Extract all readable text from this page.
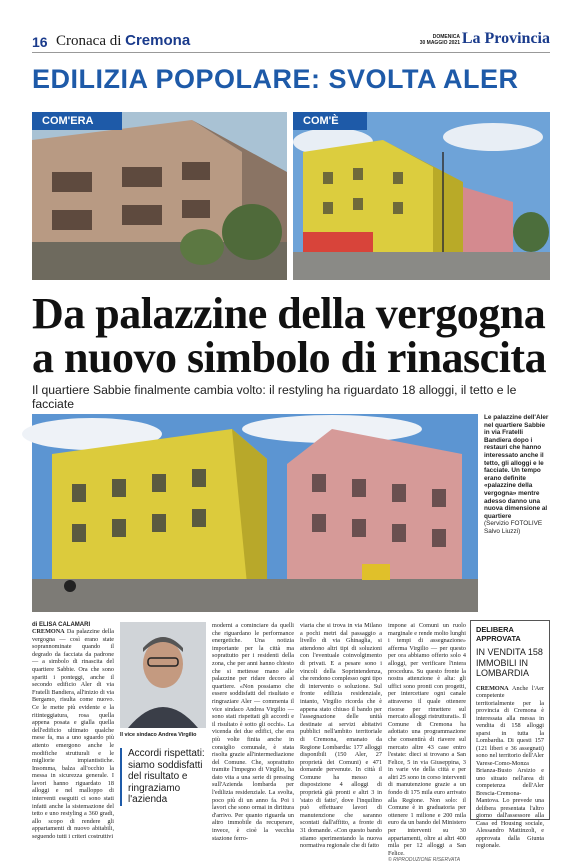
16 Cronaca di Cremona	DOMENICA
30 MAGGIO 2021 La Provincia
EDILIZIA POPOLARE: SVOLTA ALER
COM'ERA	COM'È
Da palazzine della vergogna
a nuovo simbolo di rinascita
Il quartiere Sabbie finalmente cambia volto: il restyling ha riguardato 18 alloggi, il tetto e le facciate
Le palazzine dell'Aler nel quartiere Sabbie in via Fratelli Bandiera dopo i restauri che hanno interessato anche il tetto, gli alloggi e le facciate. Un tempo erano definite «palazzine della vergogna» mentre adesso danno una nuova dimensione al quartiere
(Servizio FOTOLIVE Salvo Liuzzi)
di ELISA CALAMARI
CREMONA Da palazzine della vergogna — così erano state soprannominate quando il degrado da facciata da padrone — a simbolo di rinascita del quartiere Sabbie. Ora che sono spariti i ponteggi, anche il secondo edificio Aler di via Fratelli Bandiera, all'inizio di via Bergamo, risulta come nuovo. Ce le mette più evidente e la ritinteggiatura, rosa quella appena posata e gialla quella dell'edificio ultimato qualche mese fa, ma a uno sguardo più attento emergono anche le modifiche strutturali e le migliorie impiantistiche. Insomma, balza all'occhio la messa in sicurezza generale. I lavori hanno riguardato 18 alloggi e nel malloppo di interventi eseguiti ci sono stati infatti anche la sistemazione del tetto e uno restyling a 360 gradi, allo scopo di rendere gli appartamenti di nuovo abitabili, seguendo tutti i criteri costruttivi
Il vice sindaco Andrea Virgilio
Accordi rispettati: siamo soddisfatti del risultato e ringraziamo l'azienda
moderni a cominciare da quelli che riguardano le performance energetiche. Una notizia importante per la città ma soprattutto per i residenti della zona, che per anni hanno chiesto che si mettesse mano alle palazzine per ridare decoro al quartiere. «Non possiamo che essere soddisfatti del risultato e ringraziare Aler — commenta il vice sindaco Andrea Virgilio — sono stati rispettati gli accordi e il risultato è sotto gli occhi». La vicenda dei due edifici, che era più volte finita anche in consiglio comunale, è stata risolta grazie all'intermediazione del Comune. Che, soprattutto tramite l'impegno di Virgilio, ha dato vita a una serie di pressing sull'Azienda lombarda per l'edilizia residenziale. La svolta, poco più di un anno fa. Poi i lavori che sono ormai in dirittura d'arrivo. Per quanto riguarda un altro immobile da recuperare, invece, è cioè la vecchia stazione ferro-
viaria che si trova in via Milano a pochi metri dal passaggio a livello di via Ghinaglia, si attendono altri tipi di soluzioni con l'eventuale coinvolgimento di privati. E a pesare sono i vincoli della Soprintendenza, che rendono complesso ogni tipo di intervento o soluzione. Sul fronte edilizia residenziale, intanto, Virgilio ricorda che è appena stato chiuso il bando per l'assegnazione delle unità destinate ai servizi abitativi pubblici nell'ambito territoriale di Cremona, emanato da Regione Lombardia: 177 alloggi disponibili (150 Aler, 27 proprietà dei Comuni) e 471 domande pervenute. In città il Comune ha messo a disposizione 4 alloggi di proprietà già pronti e altri 3 in 'stato di fatto', dove l'inquilino può effettuare lavori di manutenzione che saranno scontati dall'affitto, a fronte di 31 domande. «Con questo bando stiamo sperimentando la nuova normativa regionale che di fatto
impone ai Comuni un ruolo marginale e rende molto lunghi i tempi di assegnazione» afferma Virgilio — per questo per ora abbiamo offerto solo 4 alloggi, per verificare l'intera procedura. Su questo fronte la nostra attenzione è alta: gli uffici sono pronti con progetti, per intercettare ogni canale attraverso il quale ottenere risorse per rimettere sul mercato alloggi ristrutturati». Il Comune di Cremona ha adottato una programmazione che consentirà di riavere sul mercato altre 43 case entro l'estate: dieci si trovano a San Felice, 5 in via Giuseppina, 3 in varie vie della città e per altri 25 sono in corso interventi di manutenzione grazie a un fondo di 175 mila euro arrivato alla Regione. Non solo: il Comune è in graduatoria per ottenere 1 milione e 200 mila euro da un bando del Ministero per interventi su 30 appartamenti, oltre ai altri 400 mila per 12 alloggi a San Felice.
© RIPRODUZIONE RISERVATA
DELIBERA APPROVATA
IN VENDITA 158 IMMOBILI IN LOMBARDIA
CREMONA Anche l'Aer competente territorialmente per la provincia di Cremona è interessata alla messa in vendita di 158 alloggi sparsi in tutta la Lombardia. Di questi 157 (121 liberi e 36 assegnati) sono nel territorio dell'Aler Varese-Como-Monza Brianza-Busto Arsizio e uno situato nell'area di competenza dell'Aler Brescia-Cremona-Mantova. Lo prevede una delibera presentata l'altro giorno dall'assessore alla Casa ed Housing sociale, Alessandro Mattinzoli, e approvata dalla Giunta regionale.
